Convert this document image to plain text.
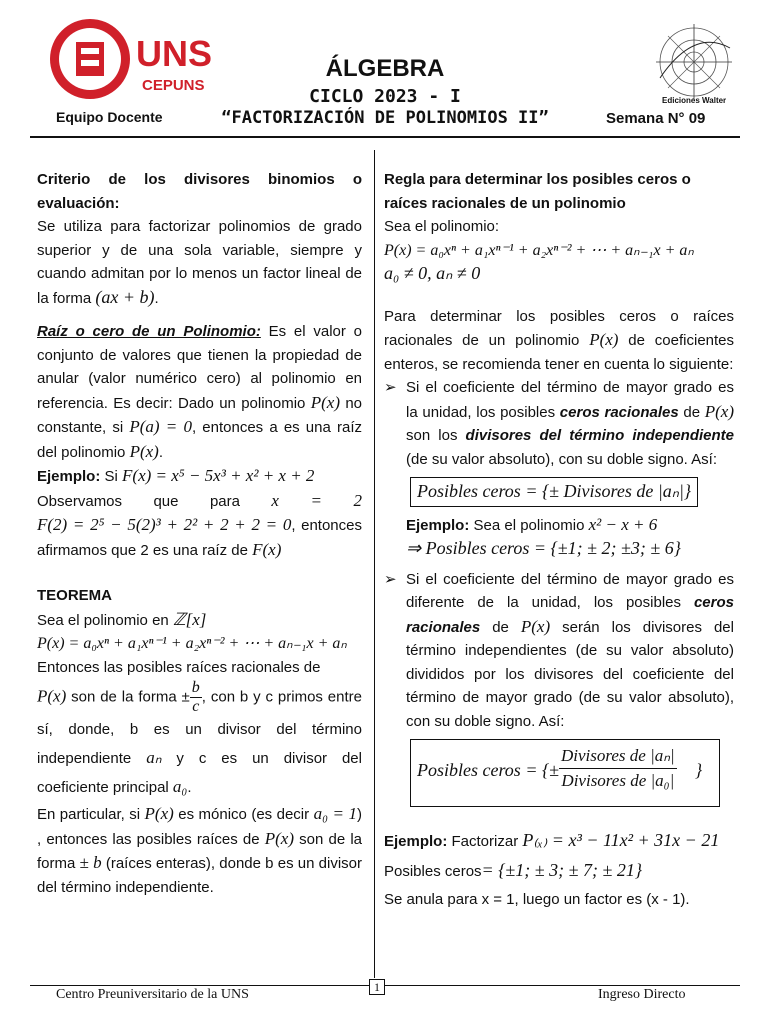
UNS
CEPUNS
Equipo Docente
ÁLGEBRA
CICLO 2023 - I
“FACTORIZACIÓN DE POLINOMIOS II”	Semana N° 09
Ediciones Walter

Criterio de los divisores binomios o evaluación:

Se utiliza para factorizar polinomios de grado superior y de una sola variable, siempre y cuando admitan por lo menos un factor lineal de la forma (ax + b).

Raíz o cero de un Polinomio: Es el valor o conjunto de valores que tienen la propiedad de anular (valor numérico cero) al polinomio en referencia. Es decir: Dado un polinomio P(x) no constante, si P(a) = 0, entonces a es una raíz del polinomio P(x).

Ejemplo: Si F(x) = x⁵ − 5x³ + x² + x + 2

Observamos que para x = 2

F(2) = 2⁵ − 5(2)³ + 2² + 2 + 2 = 0, entonces afirmamos que 2 es una raíz de F(x)

TEOREMA

Sea el polinomio en ℤ[x]

P(x) = a₀xⁿ + a₁xⁿ⁻¹ + a₂xⁿ⁻² + ⋯ + aₙ₋₁x + aₙ

Entonces las posibles raíces racionales de

P(x) son de la forma ± $\frac{b}{c}$ , con b y c primos entre sí, donde, b es un divisor del término independiente aₙ y c es un divisor del coeficiente principal a₀.

En particular, si P(x) es mónico (es decir a₀ = 1) , entonces las posibles raíces de P(x) son de la forma ± b (raíces enteras), donde b es un divisor del término independiente.

Regla para determinar los posibles ceros o raíces racionales de un polinomio

Sea el polinomio:

P(x) = a₀xⁿ + a₁xⁿ⁻¹ + a₂xⁿ⁻² + ⋯ + aₙ₋₁x + aₙ

a₀ ≠ 0, aₙ ≠ 0

Para determinar los posibles ceros o raíces racionales de un polinomio P(x) de coeficientes enteros, se recomienda tener en cuenta lo siguiente:

➢ Si el coeficiente del término de mayor grado es la unidad, los posibles ceros racionales de P(x) son los divisores del término independiente (de su valor absoluto), con su doble signo. Así:
Posibles ceros = {± Divisores de |aₙ|}

Ejemplo: Sea el polinomio x² − x + 6

⇒ Posibles ceros = {±1; ± 2; ±3; ± 6}

➢ Si el coeficiente del término de mayor grado es diferente de la unidad, los posibles ceros racionales de P(x) serán los divisores del término independientes (de su valor absoluto) divididos por los divisores del coeficiente del término de mayor grado (de su valor absoluto), con su doble signo. Así:
Posibles ceros = {±
Divisores de |aₙ|
Divisores de |a₀|
}

Ejemplo: Factorizar P₍ₓ₎ = x³ − 11x² + 31x − 21

Posibles ceros= {±1; ± 3; ± 7; ± 21}

Se anula para x = 1, luego un factor es (x - 1).

1
Centro Preuniversitario de la UNS	Ingreso Directo
